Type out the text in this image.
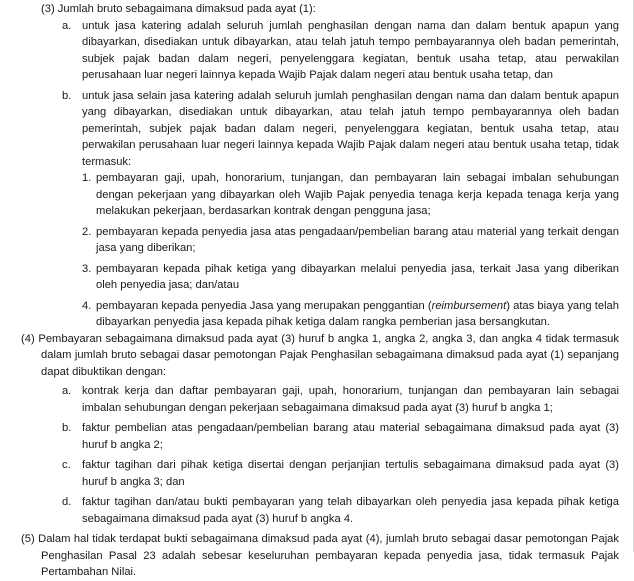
(3) Jumlah bruto sebagaimana dimaksud pada ayat (1):
a. untuk jasa katering adalah seluruh jumlah penghasilan dengan nama dan dalam bentuk apapun yang dibayarkan, disediakan untuk dibayarkan, atau telah jatuh tempo pembayarannya oleh badan pemerintah, subjek pajak badan dalam negeri, penyelenggara kegiatan, bentuk usaha tetap, atau perwakilan perusahaan luar negeri lainnya kepada Wajib Pajak dalam negeri atau bentuk usaha tetap, dan
b. untuk jasa selain jasa katering adalah seluruh jumlah penghasilan dengan nama dan dalam bentuk apapun yang dibayarkan, disediakan untuk dibayarkan, atau telah jatuh tempo pembayarannya oleh badan pemerintah, subjek pajak badan dalam negeri, penyelenggara kegiatan, bentuk usaha tetap, atau perwakilan perusahaan luar negeri lainnya kepada Wajib Pajak dalam negeri atau bentuk usaha tetap, tidak termasuk:
1. pembayaran gaji, upah, honorarium, tunjangan, dan pembayaran lain sebagai imbalan sehubungan dengan pekerjaan yang dibayarkan oleh Wajib Pajak penyedia tenaga kerja kepada tenaga kerja yang melakukan pekerjaan, berdasarkan kontrak dengan pengguna jasa;
2. pembayaran kepada penyedia jasa atas pengadaan/pembelian barang atau material yang terkait dengan jasa yang diberikan;
3. pembayaran kepada pihak ketiga yang dibayarkan melalui penyedia jasa, terkait Jasa yang diberikan oleh penyedia jasa; dan/atau
4. pembayaran kepada penyedia Jasa yang merupakan penggantian (reimbursement) atas biaya yang telah dibayarkan penyedia jasa kepada pihak ketiga dalam rangka pemberian jasa bersangkutan.
(4) Pembayaran sebagaimana dimaksud pada ayat (3) huruf b angka 1, angka 2, angka 3, dan angka 4 tidak termasuk dalam jumlah bruto sebagai dasar pemotongan Pajak Penghasilan sebagaimana dimaksud pada ayat (1) sepanjang dapat dibuktikan dengan:
a. kontrak kerja dan daftar pembayaran gaji, upah, honorarium, tunjangan dan pembayaran lain sebagai imbalan sehubungan dengan pekerjaan sebagaimana dimaksud pada ayat (3) huruf b angka 1;
b. faktur pembelian atas pengadaan/pembelian barang atau material sebagaimana dimaksud pada ayat (3) huruf b angka 2;
c.	faktur tagihan dari pihak ketiga disertai dengan perjanjian tertulis sebagaimana dimaksud pada ayat (3) huruf b angka 3; dan
d. faktur tagihan dan/atau bukti pembayaran yang telah dibayarkan oleh penyedia jasa kepada pihak ketiga sebagaimana dimaksud pada ayat (3) huruf b angka 4.
(5) Dalam hal tidak terdapat bukti sebagaimana dimaksud pada ayat (4), jumlah bruto sebagai dasar pemotongan Pajak Penghasilan Pasal 23 adalah sebesar keseluruhan pembayaran kepada penyedia jasa, tidak termasuk Pajak Pertambahan Nilai.
